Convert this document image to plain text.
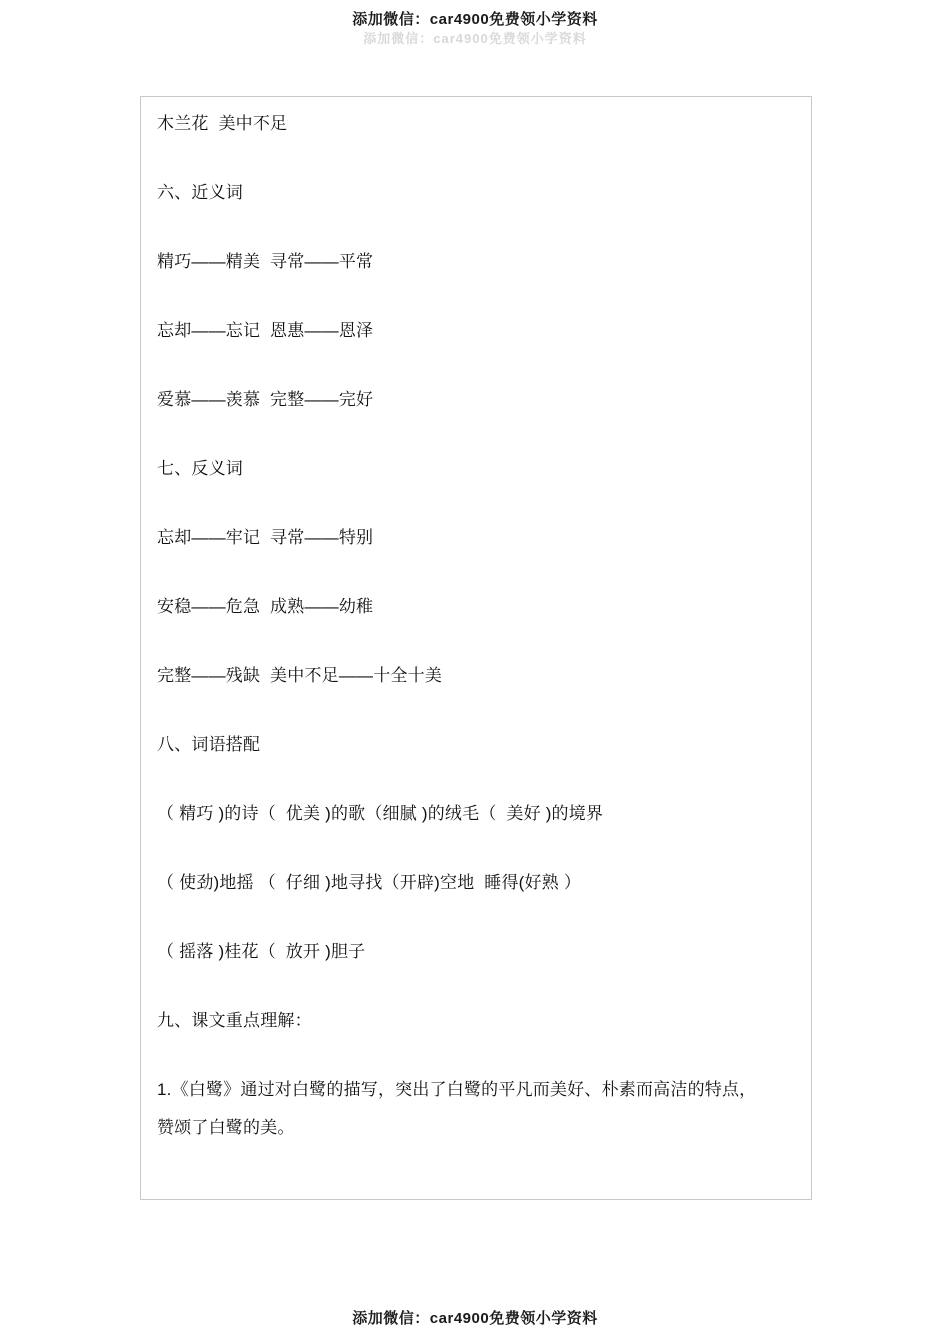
添加微信：car4900免费领小学资料
添加微信：car4900免费领小学资料

木兰花  美中不足

六、近义词

精巧——精美  寻常——平常

忘却——忘记  恩惠——恩泽

爱慕——羡慕  完整——完好

七、反义词

忘却——牢记  寻常——特别

安稳——危急  成熟——幼稚

完整——残缺  美中不足——十全十美

八、词语搭配

（ 精巧 )的诗（  优美 )的歌（细腻 )的绒毛（  美好 )的境界

（ 使劲)地摇 （  仔细 )地寻找（开辟)空地  睡得(好熟 ）

（ 摇落 )桂花（  放开 )胆子

九、课文重点理解：

1.《白鹭》通过对白鹭的描写，突出了白鹭的平凡而美好、朴素而高洁的特点，

赞颂了白鹭的美。

添加微信：car4900免费领小学资料
